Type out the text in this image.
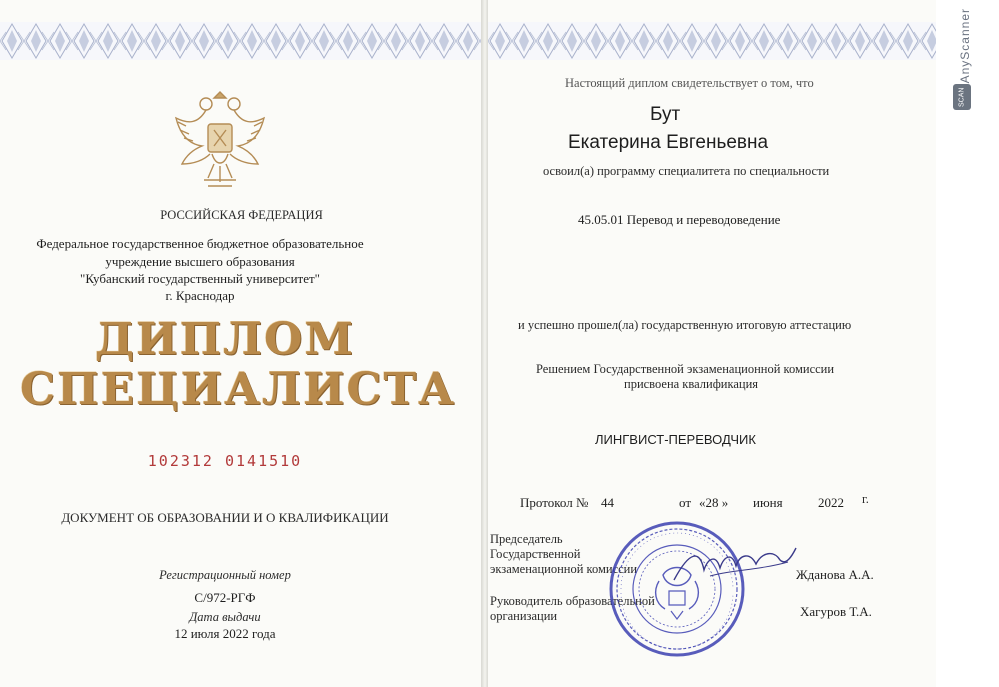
РОССИЙСКАЯ ФЕДЕРАЦИЯ
Федеральное государственное бюджетное образовательное
учреждение высшего образования
"Кубанский государственный университет"
г. Краснодар
ДИПЛОМ
СПЕЦИАЛИСТА
102312 0141510
ДОКУМЕНТ ОБ ОБРАЗОВАНИИ И О КВАЛИФИКАЦИИ
Регистрационный номер
С/972-РГФ
Дата выдачи
12 июля 2022 года
Настоящий диплом свидетельствует о том, что
Бут
Екатерина Евгеньевна
освоил(а) программу специалитета по специальности
45.05.01 Перевод и переводоведение
и успешно прошел(ла) государственную итоговую аттестацию
Решением Государственной экзаменационной комиссии
присвоена квалификация
ЛИНГВИСТ-ПЕРЕВОДЧИК
Протокол № 44	от «28 » июня	2022 г.
Председатель
Государственной
экзаменационной комиссии	Жданова А.А.
Руководитель образовательной
организации	Хагуров Т.А.
AnyScanner
SCAN
